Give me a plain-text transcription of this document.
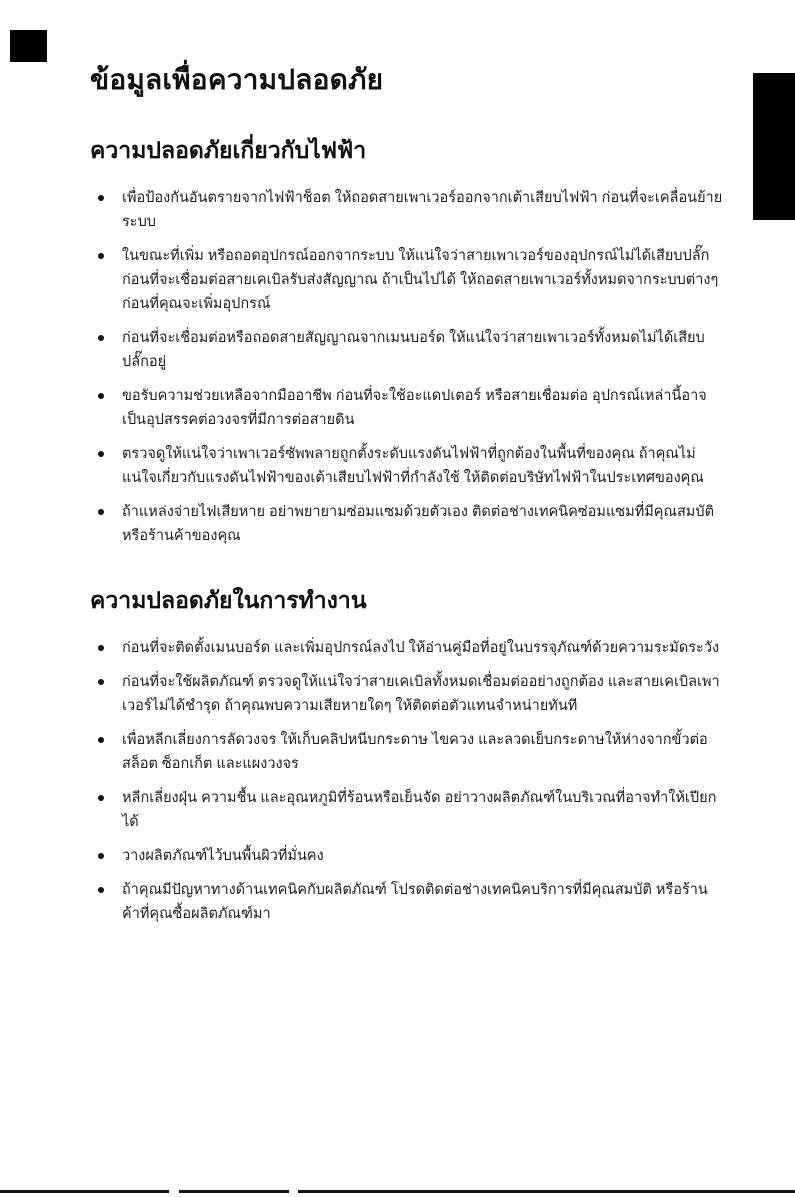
ข้อมูลเพื่อความปลอดภัย
ความปลอดภัยเกี่ยวกับไฟฟ้า
เพื่อป้องกันอันตรายจากไฟฟ้าช็อต ให้ถอดสายเพาเวอร์ออกจากเต้าเสียบไฟฟ้า ก่อนที่จะเคลื่อนย้ายระบบ
ในขณะที่เพิ่ม หรือถอดอุปกรณ์ออกจากระบบ ให้แน่ใจว่าสายเพาเวอร์ของอุปกรณ์ไม่ได้เสียบปลั๊ก ก่อนที่จะเชื่อมต่อสายเคเบิลรับส่งสัญญาณ ถ้าเป็นไปได้ ให้ถอดสายเพาเวอร์ทั้งหมดจากระบบต่างๆ ก่อนที่คุณจะเพิ่มอุปกรณ์
ก่อนที่จะเชื่อมต่อหรือถอดสายสัญญาณจากเมนบอร์ด ให้แน่ใจว่าสายเพาเวอร์ทั้งหมดไม่ได้เสียบปลั๊กอยู่
ขอรับความช่วยเหลือจากมืออาชีพ ก่อนที่จะใช้อะแดปเตอร์ หรือสายเชื่อมต่อ อุปกรณ์เหล่านี้อาจเป็นอุปสรรคต่อวงจรที่มีการต่อสายดิน
ตรวจดูให้แน่ใจว่าเพาเวอร์ซัพพลายถูกตั้งระดับแรงดันไฟฟ้าที่ถูกต้องในพื้นที่ของคุณ ถ้าคุณไม่แน่ใจเกี่ยวกับแรงดันไฟฟ้าของเต้าเสียบไฟฟ้าที่กำลังใช้ ให้ติดต่อบริษัทไฟฟ้าในประเทศของคุณ
ถ้าแหล่งจ่ายไฟเสียหาย อย่าพยายามซ่อมแซมด้วยตัวเอง ติดต่อช่างเทคนิคซ่อมแซมที่มีคุณสมบัติ หรือร้านค้าของคุณ
ความปลอดภัยในการทำงาน
ก่อนที่จะติดตั้งเมนบอร์ด และเพิ่มอุปกรณ์ลงไป ให้อ่านคู่มือที่อยู่ในบรรจุภัณฑ์ด้วยความระมัดระวัง
ก่อนที่จะใช้ผลิตภัณฑ์ ตรวจดูให้แน่ใจว่าสายเคเบิลทั้งหมดเชื่อมต่ออย่างถูกต้อง และสายเคเบิลเพาเวอร์ไม่ได้ชำรุด ถ้าคุณพบความเสียหายใดๆ ให้ติดต่อตัวแทนจำหน่ายทันที
เพื่อหลีกเลี่ยงการลัดวงจร ให้เก็บคลิปหนีบกระดาษ ไขควง และลวดเย็บกระดาษให้ห่างจากขั้วต่อ สล็อต ซ็อกเก็ต และแผงวงจร
หลีกเลี่ยงฝุ่น ความชื้น และอุณหภูมิที่ร้อนหรือเย็นจัด อย่าวางผลิตภัณฑ์ในบริเวณที่อาจทำให้เปียกได้
วางผลิตภัณฑ์ไว้บนพื้นผิวที่มั่นคง
ถ้าคุณมีปัญหาทางด้านเทคนิคกับผลิตภัณฑ์ โปรดติดต่อช่างเทคนิคบริการที่มีคุณสมบัติ หรือร้านค้าที่คุณซื้อผลิตภัณฑ์มา
